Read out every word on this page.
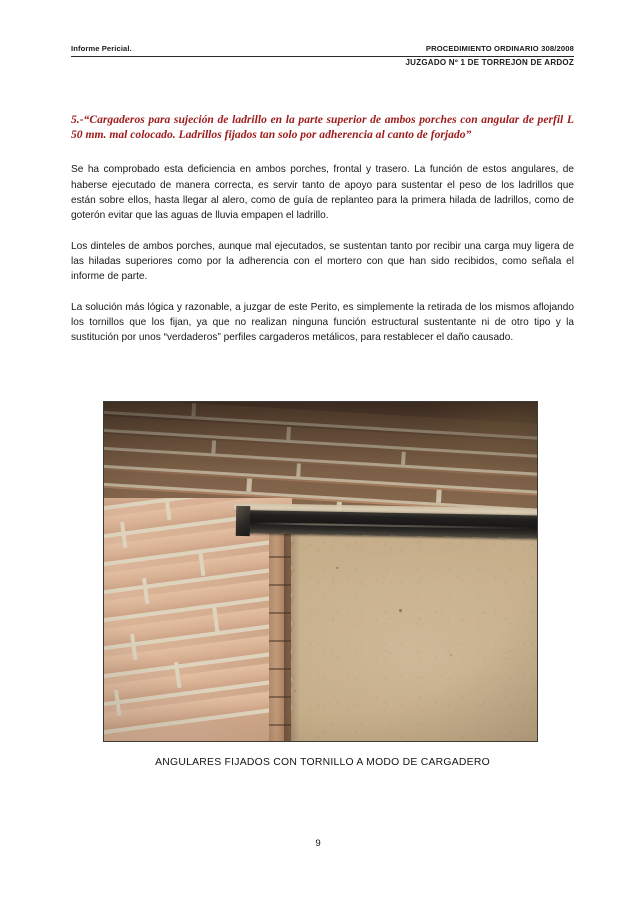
Informe Pericial.	PROCEDIMIENTO ORDINARIO 308/2008
JUZGADO Nº 1 DE TORREJON DE ARDOZ

5.-“Cargaderos para sujeción de ladrillo en la parte superior de ambos porches con angular de perfil L 50 mm. mal colocado. Ladrillos fijados tan solo por adherencia al canto de forjado”

Se ha comprobado esta deficiencia en ambos porches, frontal y trasero. La función de estos angulares, de haberse ejecutado de manera correcta, es servir tanto de apoyo para sustentar el peso de los ladrillos que están sobre ellos, hasta llegar al alero, como de guía de replanteo para la primera hilada de ladrillos, como de goterón evitar que las aguas de lluvia empapen el ladrillo.

Los dinteles de ambos porches, aunque mal ejecutados, se sustentan tanto por recibir una carga muy ligera de las hiladas superiores como por la adherencia con el mortero con que han sido recibidos, como señala el informe de parte.

La solución más lógica y razonable, a juzgar de este Perito, es simplemente la retirada de los mismos aflojando los tornillos que los fijan, ya que no realizan ninguna función estructural sustentante ni de otro tipo y la sustitución por unos “verdaderos” perfiles cargaderos metálicos, para restablecer el daño causado.

ANGULARES FIJADOS CON TORNILLO A MODO DE CARGADERO
9
